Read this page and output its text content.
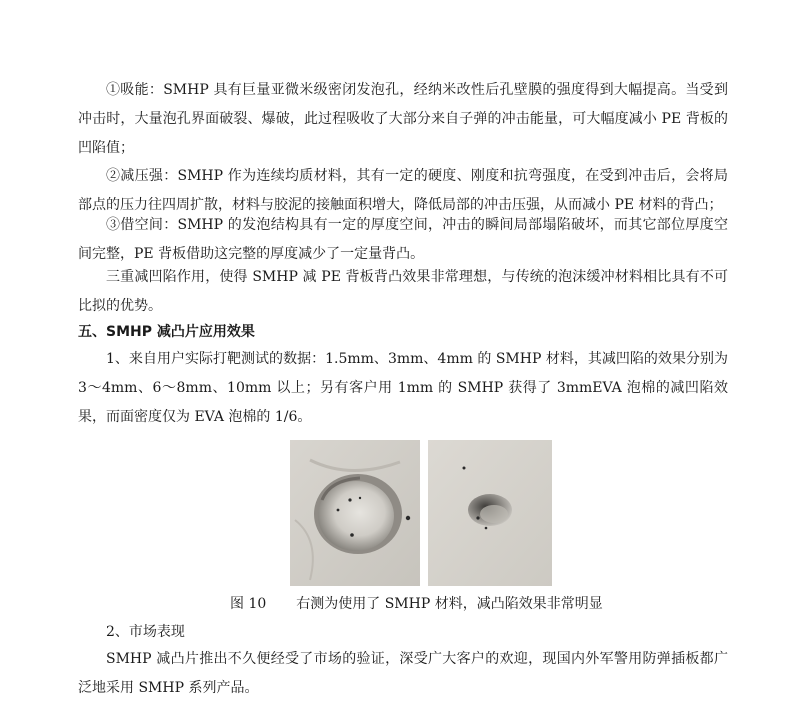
①吸能：SMHP 具有巨量亚微米级密闭发泡孔，经纳米改性后孔壁膜的强度得到大幅提高。当受到冲击时，大量泡孔界面破裂、爆破，此过程吸收了大部分来自子弹的冲击能量，可大幅度减小 PE 背板的凹陷值；

②减压强：SMHP 作为连续均质材料，其有一定的硬度、刚度和抗弯强度，在受到冲击后，会将局部点的压力往四周扩散，材料与胶泥的接触面积增大，降低局部的冲击压强，从而减小 PE 材料的背凸；

③借空间：SMHP 的发泡结构具有一定的厚度空间，冲击的瞬间局部塌陷破坏，而其它部位厚度空间完整，PE 背板借助这完整的厚度减少了一定量背凸。

三重减凹陷作用，使得 SMHP 减 PE 背板背凸效果非常理想，与传统的泡沫缓冲材料相比具有不可比拟的优势。

五、SMHP 减凸片应用效果

1、来自用户实际打靶测试的数据：1.5mm、3mm、4mm 的 SMHP 材料，其减凹陷的效果分别为 3～4mm、6～8mm、10mm 以上；另有客户用 1mm 的 SMHP 获得了 3mmEVA 泡棉的减凹陷效果，而面密度仅为 EVA 泡棉的 1/6。

图 10 右测为使用了 SMHP 材料，减凸陷效果非常明显

2、市场表现

SMHP 减凸片推出不久便经受了市场的验证，深受广大客户的欢迎，现国内外军警用防弹插板都广泛地采用 SMHP 系列产品。
